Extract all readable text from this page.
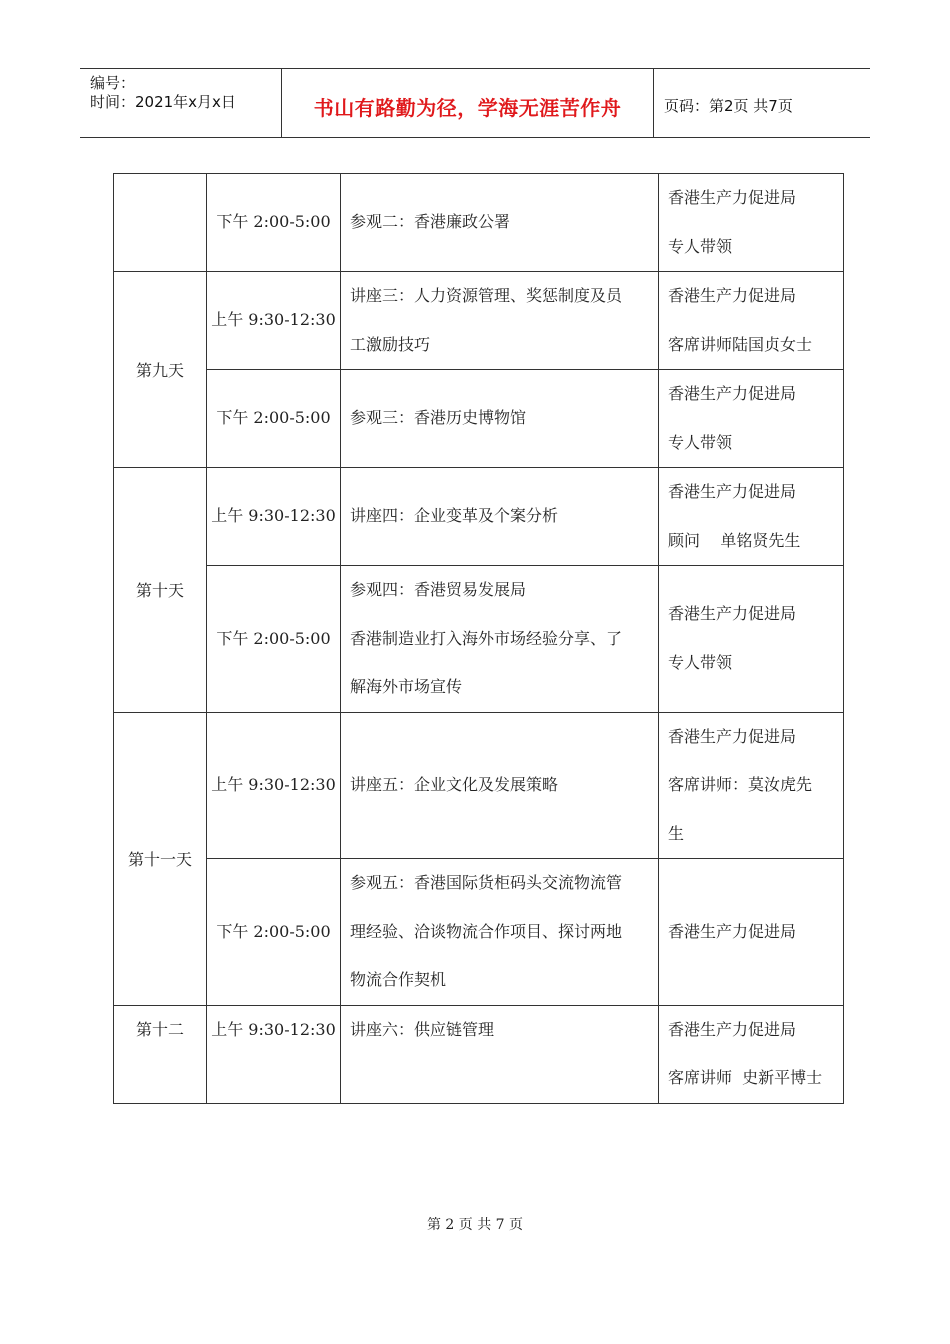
编号：
时间：2021年x月x日	书山有路勤为径，学海无涯苦作舟	页码：第2页 共7页

	下午 2:00-5:00	参观二：香港廉政公署	香港生产力促进局
专人带领

第九天	上午 9:30-12:30	讲座三：人力资源管理、奖惩制度及员
工激励技巧	香港生产力促进局
客席讲师陆国贞女士

	下午 2:00-5:00	参观三：香港历史博物馆	香港生产力促进局
专人带领

第十天	上午 9:30-12:30	讲座四：企业变革及个案分析	香港生产力促进局
顾问    单铭贤先生

	下午 2:00-5:00	参观四：香港贸易发展局
香港制造业打入海外市场经验分享、了
解海外市场宣传	香港生产力促进局
专人带领

第十一天	上午 9:30-12:30	讲座五：企业文化及发展策略	香港生产力促进局
客席讲师：莫汝虎先
生

	下午 2:00-5:00	参观五：香港国际货柜码头交流物流管
理经验、洽谈物流合作项目、探讨两地
物流合作契机	香港生产力促进局

第十二	上午 9:30-12:30	讲座六：供应链管理	香港生产力促进局
客席讲师  史新平博士
第 2 页 共 7 页
